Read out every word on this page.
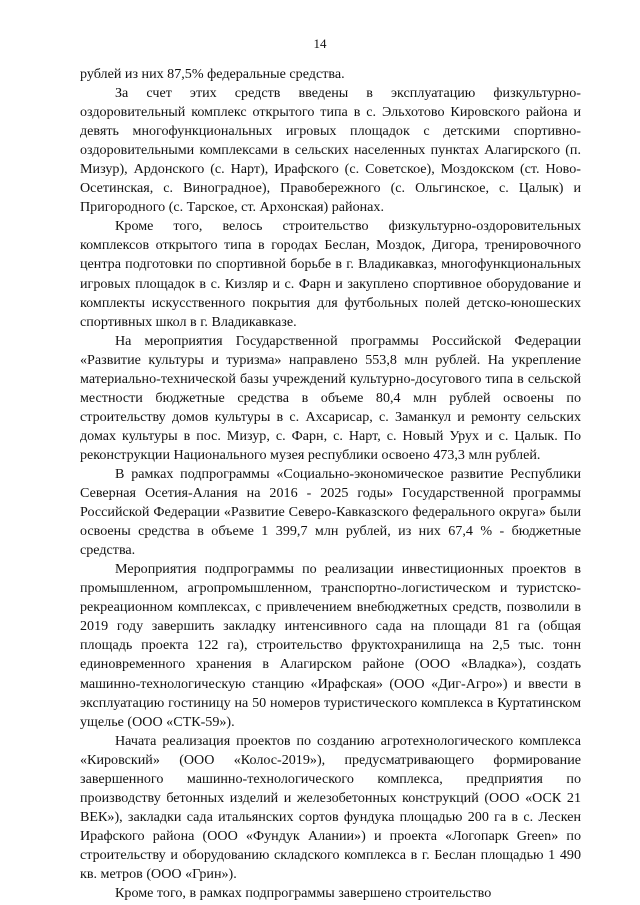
14

рублей из них 87,5% федеральные средства.

За счет этих средств введены в эксплуатацию физкультурно-оздоровительный комплекс открытого типа в с. Эльхотово Кировского района и девять многофункциональных игровых площадок с детскими спортивно-оздоровительными комплексами в сельских населенных пунктах Алагирского (п. Мизур), Ардонского (с. Нарт), Ирафского (с. Советское), Моздокском (ст. Ново-Осетинская, с. Виноградное), Правобережного (с. Ольгинское, с. Цалык) и Пригородного (с. Тарское, ст. Архонская) районах.

Кроме того, велось строительство физкультурно-оздоровительных комплексов открытого типа в городах Беслан, Моздок, Дигора, тренировочного центра подготовки по спортивной борьбе в г. Владикавказ, многофункциональных игровых площадок в с. Кизляр и с. Фарн и закуплено спортивное оборудование и комплекты искусственного покрытия для футбольных полей детско-юношеских спортивных школ в г. Владикавказе.

На мероприятия Государственной программы Российской Федерации «Развитие культуры и туризма» направлено 553,8 млн рублей. На укрепление материально-технической базы учреждений культурно-досугового типа в сельской местности бюджетные средства в объеме 80,4 млн рублей освоены по строительству домов культуры в с. Ахсарисар, с. Заманкул и ремонту сельских домах культуры в пос. Мизур, с. Фарн, с. Нарт, с. Новый Урух и с. Цалык. По реконструкции Национального музея республики освоено 473,3 млн рублей.

В рамках подпрограммы «Социально-экономическое развитие Республики Северная Осетия-Алания на 2016 - 2025 годы» Государственной программы Российской Федерации «Развитие Северо-Кавказского федерального округа» были освоены средства в объеме 1 399,7 млн рублей, из них 67,4 % - бюджетные средства.

Мероприятия подпрограммы по реализации инвестиционных проектов в промышленном, агропромышленном, транспортно-логистическом и туристско-рекреационном комплексах, с привлечением внебюджетных средств, позволили в 2019 году завершить закладку интенсивного сада на площади 81 га (общая площадь проекта 122 га), строительство фруктохранилища на 2,5 тыс. тонн единовременного хранения в Алагирском районе (ООО «Владка»), создать машинно-технологическую станцию «Ирафская» (ООО «Диг-Агро») и ввести в эксплуатацию гостиницу на 50 номеров туристического комплекса в Куртатинском ущелье (ООО «СТК-59»).

Начата реализация проектов по созданию агротехнологического комплекса «Кировский» (ООО «Колос-2019»), предусматривающего формирование завершенного машинно-технологического комплекса, предприятия по производству бетонных изделий и железобетонных конструкций (ООО «ОСК 21 ВЕК»), закладки сада итальянских сортов фундука площадью 200 га в с. Лескен Ирафского района (ООО «Фундук Алании») и проекта «Логопарк Green» по строительству и оборудованию складского комплекса в г. Беслан площадью 1 490 кв. метров (ООО «Грин»).

Кроме того, в рамках подпрограммы завершено строительство
